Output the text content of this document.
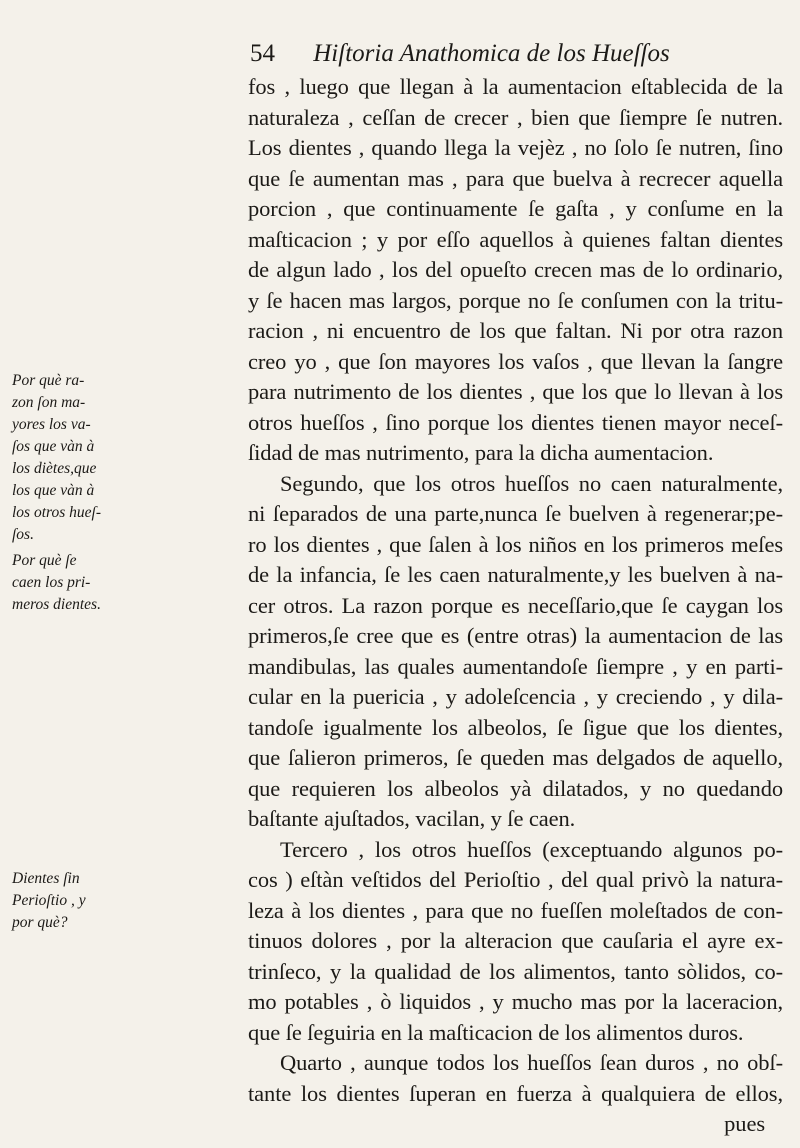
54 Hiſtoria Anathomica de los Hueſſos
fos , luego que llegan à la aumentacion eſtablecida de la
naturaleza , ceſſan de crecer , bien que ſiempre ſe nutren.
Los dientes , quando llega la vejèz , no ſolo ſe nutren, ſino
que ſe aumentan mas , para que buelva à recrecer aquella
porcion , que continuamente ſe gaſta , y conſume en la
maſticacion ; y por eſſo aquellos à quienes faltan dientes
de algun lado , los del opueſto crecen mas de lo ordinario,
y ſe hacen mas largos, porque no ſe conſumen con la tritu-
racion , ni encuentro de los que faltan. Ni por otra razon
creo yo , que ſon mayores los vaſos , que llevan la ſangre
para nutrimento de los dientes , que los que lo llevan à los
otros hueſſos , ſino porque los dientes tienen mayor neceſ-
ſidad de mas nutrimento, para la dicha aumentacion.
Segundo, que los otros hueſſos no caen naturalmente,
ni ſeparados de una parte,nunca ſe buelven à regenerar;pe-
ro los dientes , que ſalen à los niños en los primeros meſes
de la infancia, ſe les caen naturalmente,y les buelven à na-
cer otros. La razon porque es neceſſario,que ſe caygan los
primeros,ſe cree que es (entre otras) la aumentacion de las
mandibulas, las quales aumentandoſe ſiempre , y en parti-
cular en la puericia , y adoleſcencia , y creciendo , y dila-
tandoſe igualmente los albeolos, ſe ſigue que los dientes,
que ſalieron primeros, ſe queden mas delgados de aquello,
que requieren los albeolos yà dilatados, y no quedando
baſtante ajuſtados, vacilan, y ſe caen.
Tercero , los otros hueſſos (exceptuando algunos po-
cos ) eſtàn veſtidos del Perioſtio , del qual privò la natura-
leza à los dientes , para que no fueſſen moleſtados de con-
tinuos dolores , por la alteracion que cauſaria el ayre ex-
trinſeco, y la qualidad de los alimentos, tanto sòlidos, co-
mo potables , ò liquidos , y mucho mas por la laceracion,
que ſe ſeguiria en la maſticacion de los alimentos duros.
Quarto , aunque todos los hueſſos ſean duros , no obſ-
tante los dientes ſuperan en fuerza à qualquiera de ellos,
pues
Por què ra-
zon ſon ma-
yores los va-
ſos que vàn à
los diètes,que
los que vàn à
los otros hueſ-
ſos.
Por què ſe
caen los pri-
meros dientes.
Dientes ſin
Perioſtio , y
por què?
